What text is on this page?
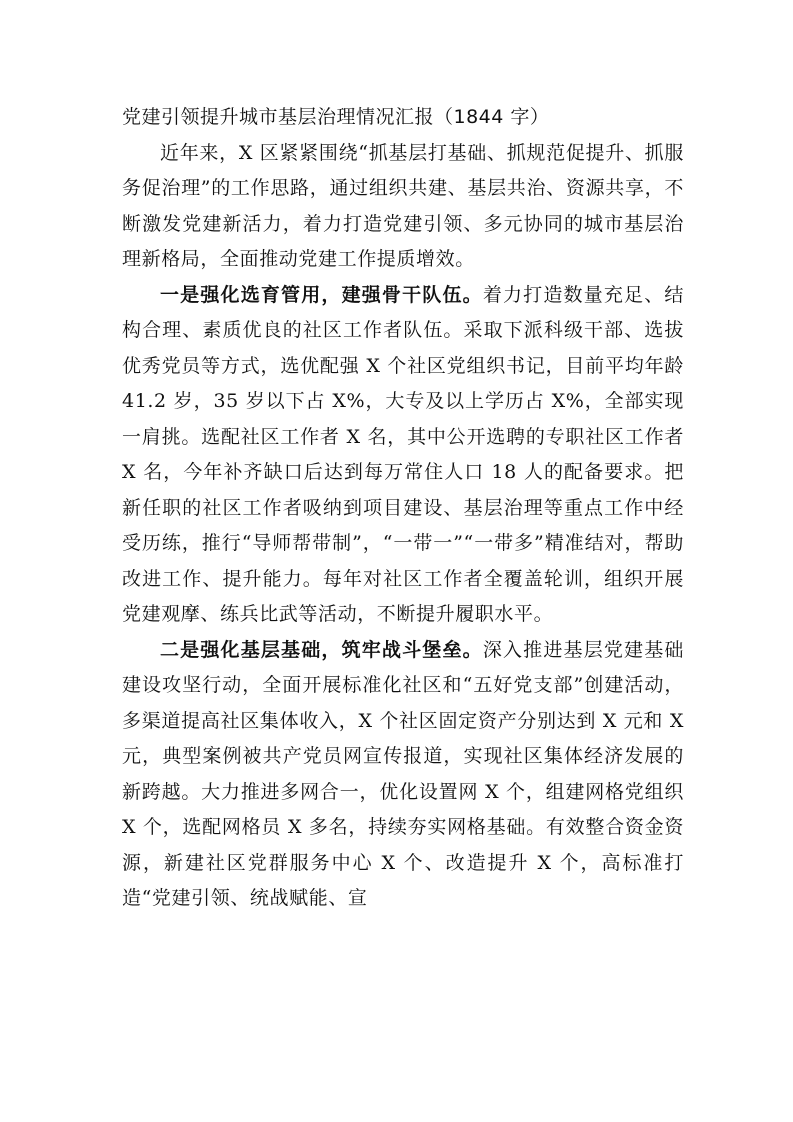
党建引领提升城市基层治理情况汇报（1844 字）

近年来，X 区紧紧围绕“抓基层打基础、抓规范促提升、抓服务促治理”的工作思路，通过组织共建、基层共治、资源共享，不断激发党建新活力，着力打造党建引领、多元协同的城市基层治理新格局，全面推动党建工作提质增效。

一是强化选育管用，建强骨干队伍。着力打造数量充足、结构合理、素质优良的社区工作者队伍。采取下派科级干部、选拔优秀党员等方式，选优配强 X 个社区党组织书记，目前平均年龄 41.2 岁，35 岁以下占 X%，大专及以上学历占 X%，全部实现一肩挑。选配社区工作者 X 名，其中公开选聘的专职社区工作者 X 名，今年补齐缺口后达到每万常住人口 18 人的配备要求。把新任职的社区工作者吸纳到项目建设、基层治理等重点工作中经受历练，推行“导师帮带制”，“一带一”“一带多”精准结对，帮助改进工作、提升能力。每年对社区工作者全覆盖轮训，组织开展党建观摩、练兵比武等活动，不断提升履职水平。

二是强化基层基础，筑牢战斗堡垒。深入推进基层党建基础建设攻坚行动，全面开展标准化社区和“五好党支部”创建活动，多渠道提高社区集体收入，X 个社区固定资产分别达到 X 元和 X 元，典型案例被共产党员网宣传报道，实现社区集体经济发展的新跨越。大力推进多网合一，优化设置网 X 个，组建网格党组织 X 个，选配网格员 X 多名，持续夯实网格基础。有效整合资金资源，新建社区党群服务中心 X 个、改造提升 X 个，高标准打造“党建引领、统战赋能、宣
